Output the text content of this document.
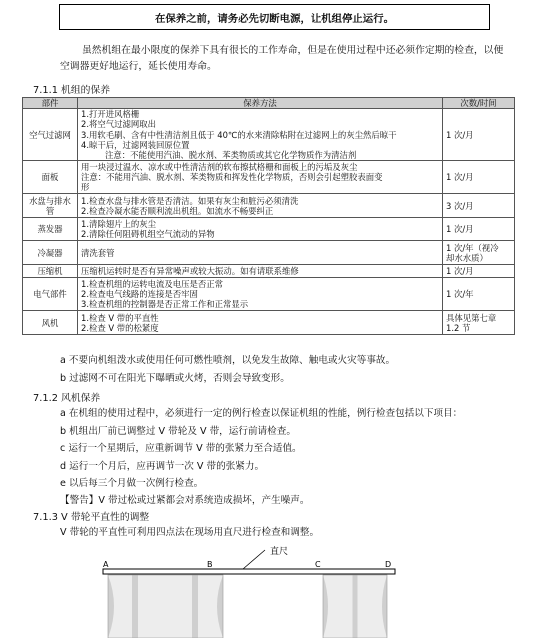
在保养之前，请务必先切断电源，让机组停止运行。
虽然机组在最小限度的保养下具有很长的工作寿命，但是在使用过程中还必须作定期的检查，以便空调器更好地运行，延长使用寿命。
7.1.1 机组的保养
部件	保养方法	次数/时间
空气过滤网	1.打开进风格栅
2.将空气过滤网取出
3.用软毛刷、含有中性清洁剂且低于 40℃的水来清除粘附在过滤网上的灰尘然后晾干
4.晾干后，过滤网装回原位置
注意：不能使用汽油、脱水剂、苯类物质或其它化学物质作为清洁剂	1 次/月
面板	用一块浸过温水、凉水或中性清洁剂的软布擦拭格栅和面板上的污垢及灰尘
注意：不能用汽油、脱水剂、苯类物质和挥发性化学物质，否则会引起塑胶表面变
形	1 次/月

水盘与排水
管	1.检查水盘与排水管是否清洁。如果有灰尘和脏污必须清洗
2.检查冷凝水能否顺利流出机组。如流水不畅要纠正	3 次/月
蒸发器	1.清除翅片上的灰尘
2.清除任何阻碍机组空气流动的异物	1 次/月
冷凝器	清洗套管	1 次/年（视冷
却水水质）

压缩机	压缩机运转时是否有异常噪声或较大振动。如有请联系维修	1 次/月
电气部件	1.检查机组的运转电流及电压是否正常
2.检查电气线路的连接是否牢固
3.检查机组的控制器是否正常工作和正常显示	1 次/年
风机	1.检查 V 带的平直性
2.检查 V 带的松紧度	具体见第七章
1.2 节
a 不要向机组泼水或使用任何可燃性喷剂，以免发生故障、触电或火灾等事故。
b 过滤网不可在阳光下曝晒或火烤，否则会导致变形。
7.1.2 风机保养
a 在机组的使用过程中，必须进行一定的例行检查以保证机组的性能，例行检查包括以下项目：
b 机组出厂前已调整过 V 带轮及 V 带，运行前请检查。
c 运行一个星期后，应重新调节 V 带的张紧力至合适值。
d 运行一个月后，应再调节一次 V 带的张紧力。
e 以后每三个月做一次例行检查。
【警告】V 带过松或过紧都会对系统造成损坏，产生噪声。
7.1.3 V 带轮平直性的调整
V 带轮的平直性可利用四点法在现场用直尺进行检查和调整。
直尺
A	B	C	D
